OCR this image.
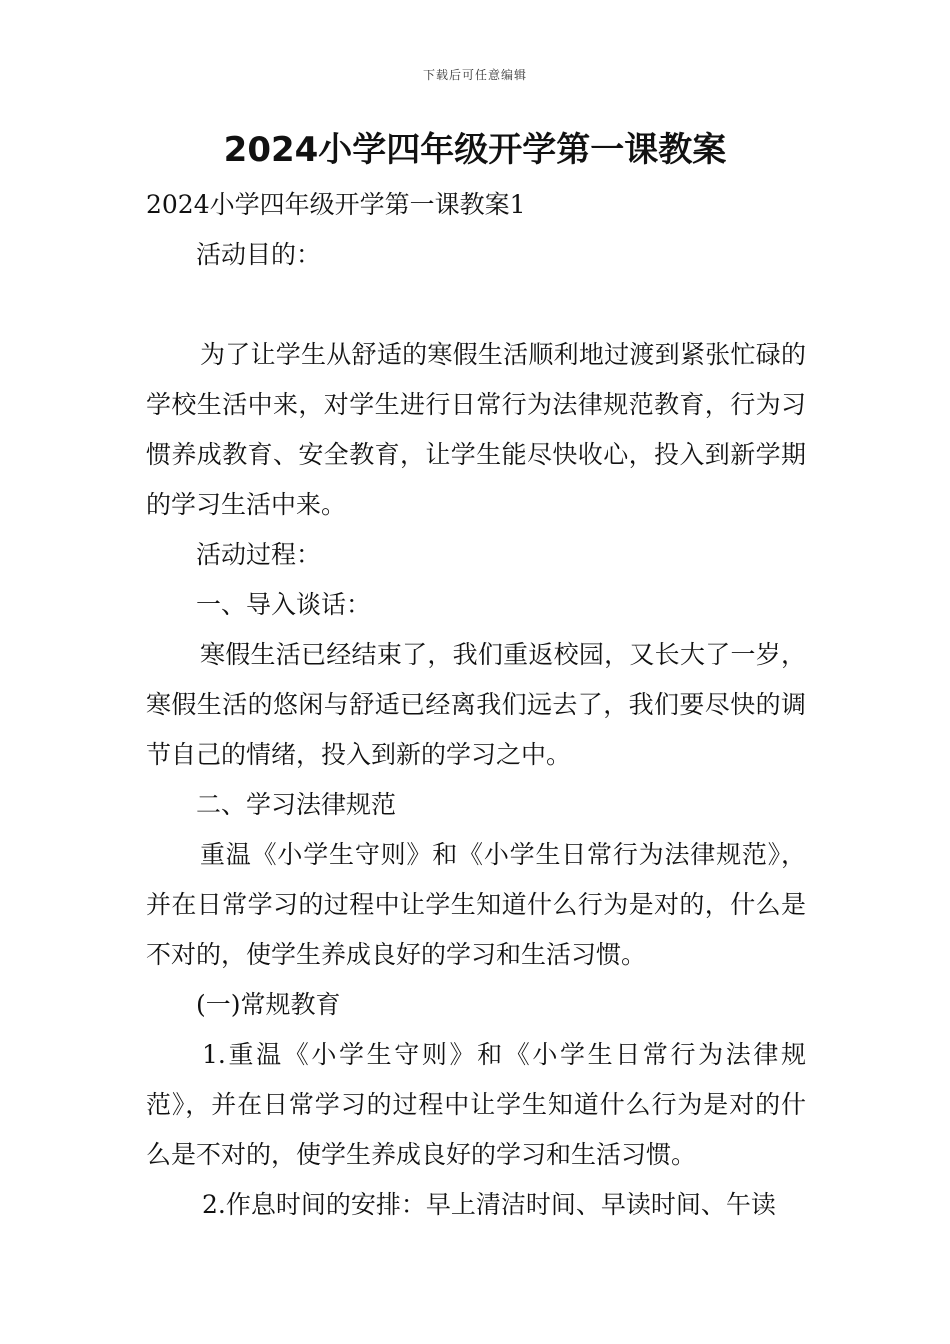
下载后可任意编辑
2024小学四年级开学第一课教案

2024小学四年级开学第一课教案1

活动目的：

为了让学生从舒适的寒假生活顺利地过渡到紧张忙碌的学校生活中来，对学生进行日常行为法律规范教育，行为习惯养成教育、安全教育，让学生能尽快收心，投入到新学期的学习生活中来。

活动过程：

一、导入谈话：

寒假生活已经结束了，我们重返校园，又长大了一岁，寒假生活的悠闲与舒适已经离我们远去了，我们要尽快的调节自己的情绪，投入到新的学习之中。

二、学习法律规范

重温《小学生守则》和《小学生日常行为法律规范》，并在日常学习的过程中让学生知道什么行为是对的，什么是不对的，使学生养成良好的学习和生活习惯。

(一)常规教育

1.重温《小学生守则》和《小学生日常行为法律规范》，并在日常学习的过程中让学生知道什么行为是对的什么是不对的，使学生养成良好的学习和生活习惯。

2.作息时间的安排：早上清洁时间、早读时间、午读
